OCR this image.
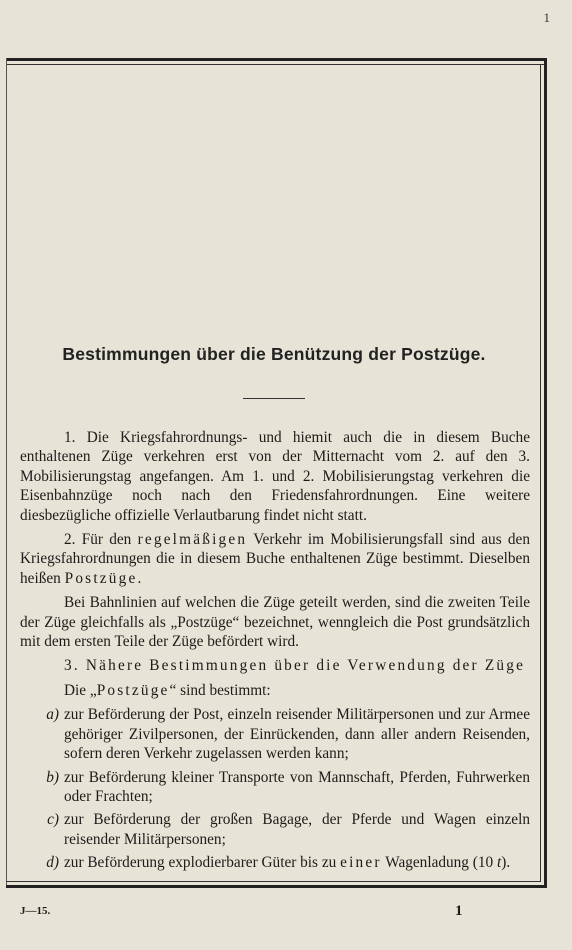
1
Bestimmungen über die Benützung der Postzüge.

1. Die Kriegsfahrordnungs- und hiemit auch die in diesem Buche enthaltenen Züge verkehren erst von der Mitternacht vom 2. auf den 3. Mobilisierungstag angefangen. Am 1. und 2. Mobilisierungstag verkehren die Eisenbahnzüge noch nach den Friedensfahrordnungen. Eine weitere diesbezügliche offizielle Verlautbarung findet nicht statt.

2. Für den regelmäßigen Verkehr im Mobilisierungsfall sind aus den Kriegsfahrordnungen die in diesem Buche enthaltenen Züge bestimmt. Dieselben heißen Postzüge.

Bei Bahnlinien auf welchen die Züge geteilt werden, sind die zweiten Teile der Züge gleichfalls als „Postzüge“ bezeichnet, wenngleich die Post grundsätzlich mit dem ersten Teile der Züge befördert wird.

3. Nähere Bestimmungen über die Verwendung der Züge

Die „Postzüge“ sind bestimmt:

a) zur Beförderung der Post, einzeln reisender Militärpersonen und zur Armee gehöriger Zivilpersonen, der Einrückenden, dann aller andern Reisenden, sofern deren Verkehr zugelassen werden kann;
b) zur Beförderung kleiner Transporte von Mannschaft, Pferden, Fuhrwerken oder Frachten;
c) zur Beförderung der großen Bagage, der Pferde und Wagen einzeln reisender Militärpersonen;
d) zur Beförderung explodierbarer Güter bis zu einer Wagenladung (10 t).
J—15.	1
